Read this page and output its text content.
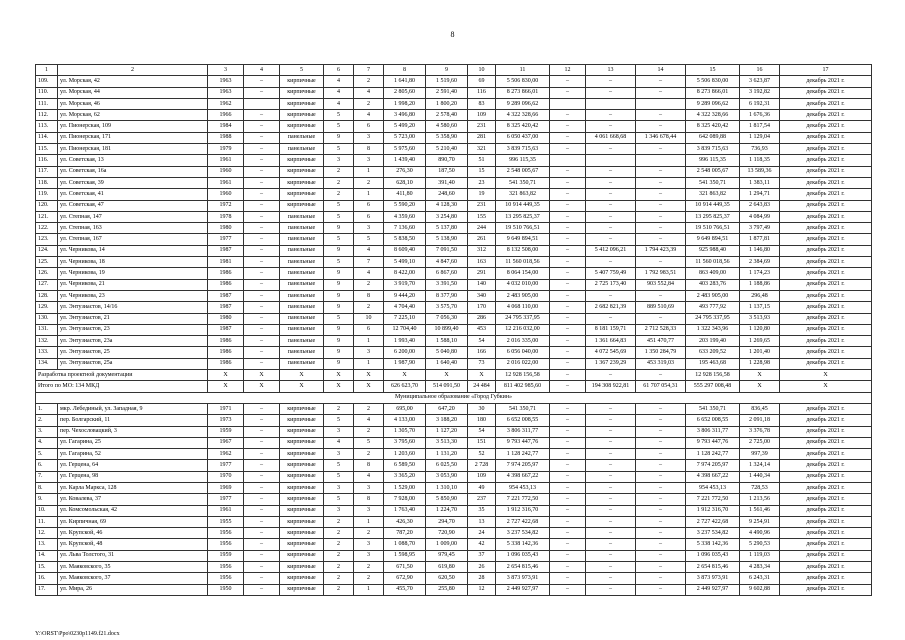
8
1	2	3	4	5	6	7	8	9	10	11	12	13	14	15	16	17
109.	ул. Морская, 42	1963	–	кирпичные	4	2	1 641,80	1 519,60	69	5 506 830,00	–	–	–	5 506 830,00	3 623,87	декабрь 2021 г.
110.	ул. Морская, 44	1963	–	кирпичные	4	4	2 805,60	2 591,40	116	8 273 866,01	–	–	–	8 273 866,01	3 192,82	декабрь 2021 г.
111.	ул. Морская, 46	1962		кирпичные	4	2	1 998,20	1 800,20	83	9 289 096,62				9 289 096,62	6 192,31	декабрь 2021 г.
112.	ул. Морская, 62	1966	–	кирпичные	5	4	3 496,80	2 578,40	109	4 322 328,66	–	–	–	4 322 328,66	1 676,36	декабрь 2021 г.
113.	ул. Пионерская, 109	1984	–	кирпичные	5	6	5 499,20	4 580,60	231	8 325 420,42	–	–	–	8 325 420,42	1 817,54	декабрь 2021 г.
114.	ул. Пионерская, 171	1988	–	панельные	9	3	5 723,00	5 358,90	281	6 050 437,00	–	4 061 668,68	1 346 678,44	642 089,88	1 129,04	декабрь 2021 г.
115.	ул. Пионерская, 181	1979	–	панельные	5	8	5 975,60	5 210,40	321	3 839 715,63	–	–	–	3 839 715,63	736,93	декабрь 2021 г.
116.	ул. Советская, 13	1961	–	кирпичные	3	3	1 439,40	890,70	51	996 115,35				996 115,35	1 118,35	декабрь 2021 г.
117.	ул. Советская, 16а	1960	–	кирпичные	2	1	276,30	187,50	15	2 548 005,67	–	–	–	2 548 005,67	13 589,36	декабрь 2021 г.
118.	ул. Советская, 39	1961	–	кирпичные	2	2	628,10	391,40	23	541 350,71	–	–	–	541 350,71	1 383,11	декабрь 2021 г.
119.	ул. Советская, 41	1960	–	кирпичные	2	1	411,80	248,60	19	321 863,82	–	–	–	321 863,82	1 294,71	декабрь 2021 г.
120.	ул. Советская, 47	1972	–	кирпичные	5	6	5 590,20	4 128,30	231	10 914 449,35	–	–	–	10 914 449,35	2 643,83	декабрь 2021 г.
121.	ул. Степная, 147	1978	–	панельные	5	6	4 359,60	3 254,80	155	13 295 825,37	–	–	–	13 295 825,37	4 084,99	декабрь 2021 г.
122.	ул. Степная, 163	1980	–	панельные	9	3	7 136,60	5 137,80	244	19 510 766,51	–	–	–	19 510 766,51	3 797,49	декабрь 2021 г.
123.	ул. Степная, 167	1977	–	панельные	5	5	5 838,50	5 138,90	261	9 649 894,51	–	–	–	9 649 894,51	1 877,81	декабрь 2021 г.
124.	ул. Черникова, 14	1987	–	панельные	9	4	8 609,40	7 091,50	312	8 132 508,00	–	5 412 096,21	1 794 423,39	925 988,40	1 146,80	декабрь 2021 г.
125.	ул. Черникова, 18	1981	–	панельные	5	7	5 499,10	4 847,60	163	11 560 018,56	–	–	–	11 560 018,56	2 384,69	декабрь 2021 г.
126.	ул. Черникова, 19	1986	–	панельные	9	4	8 422,00	6 867,60	291	8 064 154,00	–	5 407 759,49	1 792 983,51	863 409,00	1 174,23	декабрь 2021 г.
127.	ул. Черникова, 21	1986	–	панельные	9	2	3 919,70	3 391,50	140	4 032 010,00	–	2 725 173,40	903 552,84	403 283,76	1 188,86	декабрь 2021 г.
128.	ул. Черникова, 23	1987	–	панельные	9	8	9 444,20	8 377,90	340	2 483 905,00	–	–	–	2 483 905,00	296,48	декабрь 2021 г.
129.	ул. Энтузиастов, 14/16	1987	–	панельные	9	2	4 704,40	3 575,70	170	4 068 110,00	–	2 682 821,39	889 510,69	493 777,92	1 137,15	декабрь 2021 г.
130.	ул. Энтузиастов, 21	1980	–	панельные	5	10	7 225,10	7 056,30	286	24 795 337,95	–	–	–	24 795 337,95	3 513,93	декабрь 2021 г.
131.	ул. Энтузиастов, 23	1987	–	панельные	9	6	12 704,40	10 899,40	453	12 216 032,00	–	8 181 159,71	2 712 528,33	1 322 343,96	1 120,80	декабрь 2021 г.
132.	ул. Энтузиастов, 23а	1986	–	панельные	9	1	1 993,40	1 588,10	54	2 016 335,00	–	1 361 664,83	451 470,77	203 199,40	1 269,65	декабрь 2021 г.
133.	ул. Энтузиастов, 25	1986	–	панельные	9	3	6 200,00	5 040,80	166	6 056 040,00	–	4 072 545,69	1 350 284,79	633 209,52	1 201,40	декабрь 2021 г.
134.	ул. Энтузиастов, 25а	1986	–	панельные	9	1	1 987,90	1 640,40	73	2 016 022,00	–	1 367 239,29	453 319,03	195 463,68	1 228,98	декабрь 2021 г.
Разработка проектной документации		X	X	X	X	X	X	X	X	12 928 156,58	–	–	–	12 928 156,58	X	X
Итого по МО: 134 МКД		X	X	X	X	X	626 623,70	514 091,50	24 484	811 402 985,60	–	194 308 922,81	61 707 054,31	555 297 008,48	X	X
Муниципальное образование «Город Губкин»																
1.	мкр. Лебединый, ул. Западная, 9	1971	–	кирпичные	2	2	695,00	647,20	30	541 350,71	–	–	–	541 350,71	836,45	декабрь 2021 г.
2.	пер. Болгарский, 11	1973	–	кирпичные	5	4	4 133,00	3 188,20	180	6 652 008,55	–	–	–	6 652 008,55	2 091,18	декабрь 2021 г.
3.	пер. Чехословацкий, 3	1959	–	кирпичные	3	2	1 305,70	1 127,20	54	3 806 311,77	–	–	–	3 806 311,77	3 376,78	декабрь 2021 г.
4.	ул. Гагарина, 25	1967	–	кирпичные	4	5	3 795,60	3 513,30	151	9 793 447,76	–	–	–	9 793 447,76	2 725,00	декабрь 2021 г.
5.	ул. Гагарина, 52	1962	–	кирпичные	3	2	1 203,60	1 131,20	52	1 128 242,77	–	–	–	1 128 242,77	997,39	декабрь 2021 г.
6.	ул. Герцена, 64	1977	–	кирпичные	5	8	6 589,50	6 025,50	2 728	7 974 205,97	–	–	–	7 974 205,97	1 324,14	декабрь 2021 г.
7.	ул. Герцена, 98	1970	–	кирпичные	5	4	3 365,20	3 053,90	109	4 398 667,22	–	–	–	4 398 667,22	1 440,34	декабрь 2021 г.
8.	ул. Карла Маркса, 128	1969	–	кирпичные	3	3	1 529,00	1 310,10	49	954 453,13	–	–	–	954 453,13	728,53	декабрь 2021 г.
9.	ул. Ковалева, 37	1977	–	кирпичные	5	8	7 928,00	5 850,90	237	7 221 772,50	–	–	–	7 221 772,50	1 213,56	декабрь 2021 г.
10.	ул. Комсомольская, 42	1961	–	кирпичные	3	3	1 763,40	1 224,70	35	1 912 316,70	–	–	–	1 912 316,70	1 561,46	декабрь 2021 г.
11.	ул. Кирпичная, 69	1955	–	кирпичные	2	1	426,30	294,70	13	2 727 422,68	–	–	–	2 727 422,68	9 254,91	декабрь 2021 г.
12.	ул. Крупской, 46	1956	–	кирпичные	2	2	787,20	720,90	24	3 237 534,82	–	–	–	3 237 534,82	4 490,96	декабрь 2021 г.
13.	ул. Крупской, 48	1956	–	кирпичные	2	3	1 088,70	1 009,00	42	5 338 142,36	–	–	–	5 338 142,36	5 290,53	декабрь 2021 г.
14.	ул. Льва Толстого, 31	1959	–	кирпичные	2	3	1 598,95	979,45	37	1 096 035,43	–	–	–	1 096 035,43	1 119,03	декабрь 2021 г.
15.	ул. Маяковского, 35	1956	–	кирпичные	2	2	671,50	619,80	26	2 654 815,46	–	–	–	2 654 815,46	4 283,34	декабрь 2021 г.
16.	ул. Маяковского, 37	1956	–	кирпичные	2	2	672,90	620,50	28	3 873 973,91	–	–	–	3 873 973,91	6 243,31	декабрь 2021 г.
17.	ул. Мира, 26	1950	–	кирпичные	2	1	455,70	255,80	12	2 449 927,97	–	–	–	2 449 927,97	9 602,88	декабрь 2021 г.
Y:\ORST\Ppo\0230p1149.f21.docx
